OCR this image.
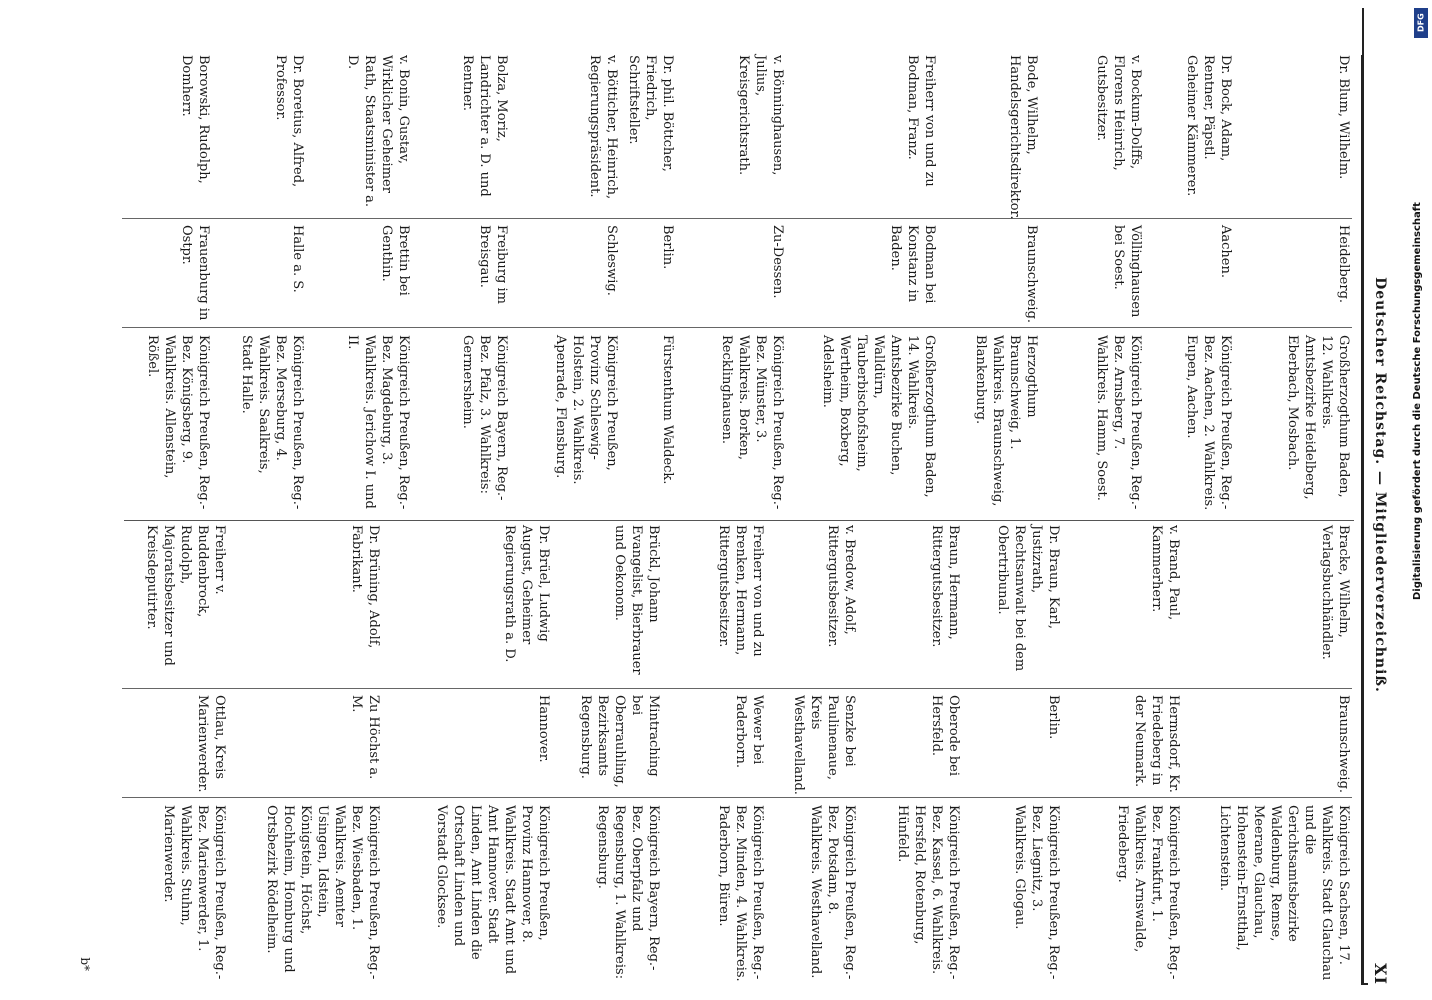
DFG
Digitalisierung gefördert durch die Deutsche Forschungsgemeinschaft
Deutscher Reichstag. — Mitgliederverzeichniß.
XI
Dr. Blum, Wilhelm.
Heidelberg.
Großherzogthum Baden, 12. Wahlkreis. Amtsbezirke Heidelberg, Eberbach, Mosbach.
Dr. Bock, Adam, Rentner, Päpstl. Geheimer Kämmerer.
Aachen.
Königreich Preußen, Reg.-Bez. Aachen, 2. Wahlkreis. Eupen, Aachen.
v. Bockum-Dolffs, Florens Heinrich, Gutsbesitzer.
Völlinghausen bei Soest.
Königreich Preußen, Reg.-Bez. Arnsberg, 7. Wahlkreis. Hamm, Soest.
Bode, Wilhelm, Handelsgerichtsdirektor.
Braunschweig.
Herzogthum Braunschweig, 1. Wahlkreis. Braunschweig, Blankenburg.
Freiherr von und zu Bodman, Franz.
Bodman bei Konstanz in Baden.
Großherzogthum Baden, 14. Wahlkreis. Amtsbezirke Buchen, Walldürn, Tauberbischofsheim, Wertheim, Boxberg, Adelsheim.
v. Bönninghausen, Julius, Kreisgerichtsrath.
Zu-Dessen.
Königreich Preußen, Reg.-Bez. Münster, 3. Wahlkreis. Borken, Recklinghausen.
Dr. phil. Böttcher, Friedrich, Schriftsteller.
Berlin.
Fürstenthum Waldeck.
v. Bötticher, Heinrich, Regierungspräsident.
Schleswig.
Königreich Preußen, Provinz Schleswig-Holstein, 2. Wahlkreis. Apenrade, Flensburg.
Bolza, Moriz, Landrichter a. D. und Rentner.
Freiburg im Breisgau.
Königreich Bayern, Reg.-Bez. Pfalz, 3. Wahlkreis: Germersheim.
v. Bonin, Gustav, Wirklicher Geheimer Rath, Staatsminister a. D.
Brettin bei Genthin.
Königreich Preußen, Reg.-Bez. Magdeburg, 3. Wahlkreis. Jerichow I. und II.
Dr. Boretius, Alfred, Professor.
Halle a. S.
Königreich Preußen, Reg.-Bez. Merseburg, 4. Wahlkreis. Saalkreis, Stadt Halle.
Borowski, Rudolph, Domherr.
Frauenburg in Ostpr.
Königreich Preußen, Reg.-Bez. Königsberg, 9. Wahlkreis. Allenstein, Rößel.
Bracke, Wilhelm, Verlagsbuchhändler.
Braunschweig.
Königreich Sachsen, 17. Wahlkreis. Stadt Glauchau und die Gerichtsamtsbezirke Waldenburg, Remse, Meerane, Glauchau, Hohenstein-Ernstthal, Lichtenstein.
v. Brand, Paul, Kammerherr.
Hermsdorf, Kr. Friedeberg in der Neumark.
Königreich Preußen, Reg.-Bez. Frankfurt, 1. Wahlkreis. Arnswalde, Friedeberg.
Dr. Braun, Karl, Justizrath, Rechtsanwalt bei dem Obertribunal.
Berlin.
Königreich Preußen, Reg.-Bez. Liegnitz, 3. Wahlkreis. Glogau.
Braun, Hermann, Rittergutsbesitzer.
Oberode bei Hersfeld.
Königreich Preußen, Reg.-Bez. Kassel, 6. Wahlkreis. Hersfeld, Rotenburg, Hünfeld.
v. Bredow, Adolf, Rittergutsbesitzer.
Senzke bei Paulinenaue, Kreis Westhavelland.
Königreich Preußen, Reg.-Bez. Potsdam, 8. Wahlkreis. Westhavelland.
Freiherr von und zu Brenken, Hermann, Rittergutsbesitzer.
Wewer bei Paderborn.
Königreich Preußen, Reg.-Bez. Minden, 4. Wahlkreis. Paderborn, Büren.
Brückl, Johann Evangelist, Bierbrauer und Oekonom.
Mintraching bei Oberrauhling, Bezirksamts Regensburg.
Königreich Bayern, Reg.-Bez. Oberpfalz und Regensburg, 1. Wahlkreis: Regensburg.
Dr. Brüel, Ludwig August, Geheimer Regierungsrath a. D.
Hannover.
Königreich Preußen, Provinz Hannover, 8. Wahlkreis. Stadt Amt und Amt Hannover. Stadt Linden, Amt Linden die Ortschaft Linden und Vorstadt Glocksee.
Dr. Brüning, Adolf, Fabrikant.
Zu Höchst a. M.
Königreich Preußen, Reg.-Bez. Wiesbaden, 1. Wahlkreis. Aemter Usingen, Idstein, Königstein, Höchst, Hochheim, Homburg und Ortsbezirk Rödelheim.
Freiherr v. Buddenbrock, Rudolph, Majoratsbesitzer und Kreisdeputirter.
Ottlau, Kreis Marienwerder.
Königreich Preußen, Reg.-Bez. Marienwerder, 1. Wahlkreis. Stuhm, Marienwerder.
b*
